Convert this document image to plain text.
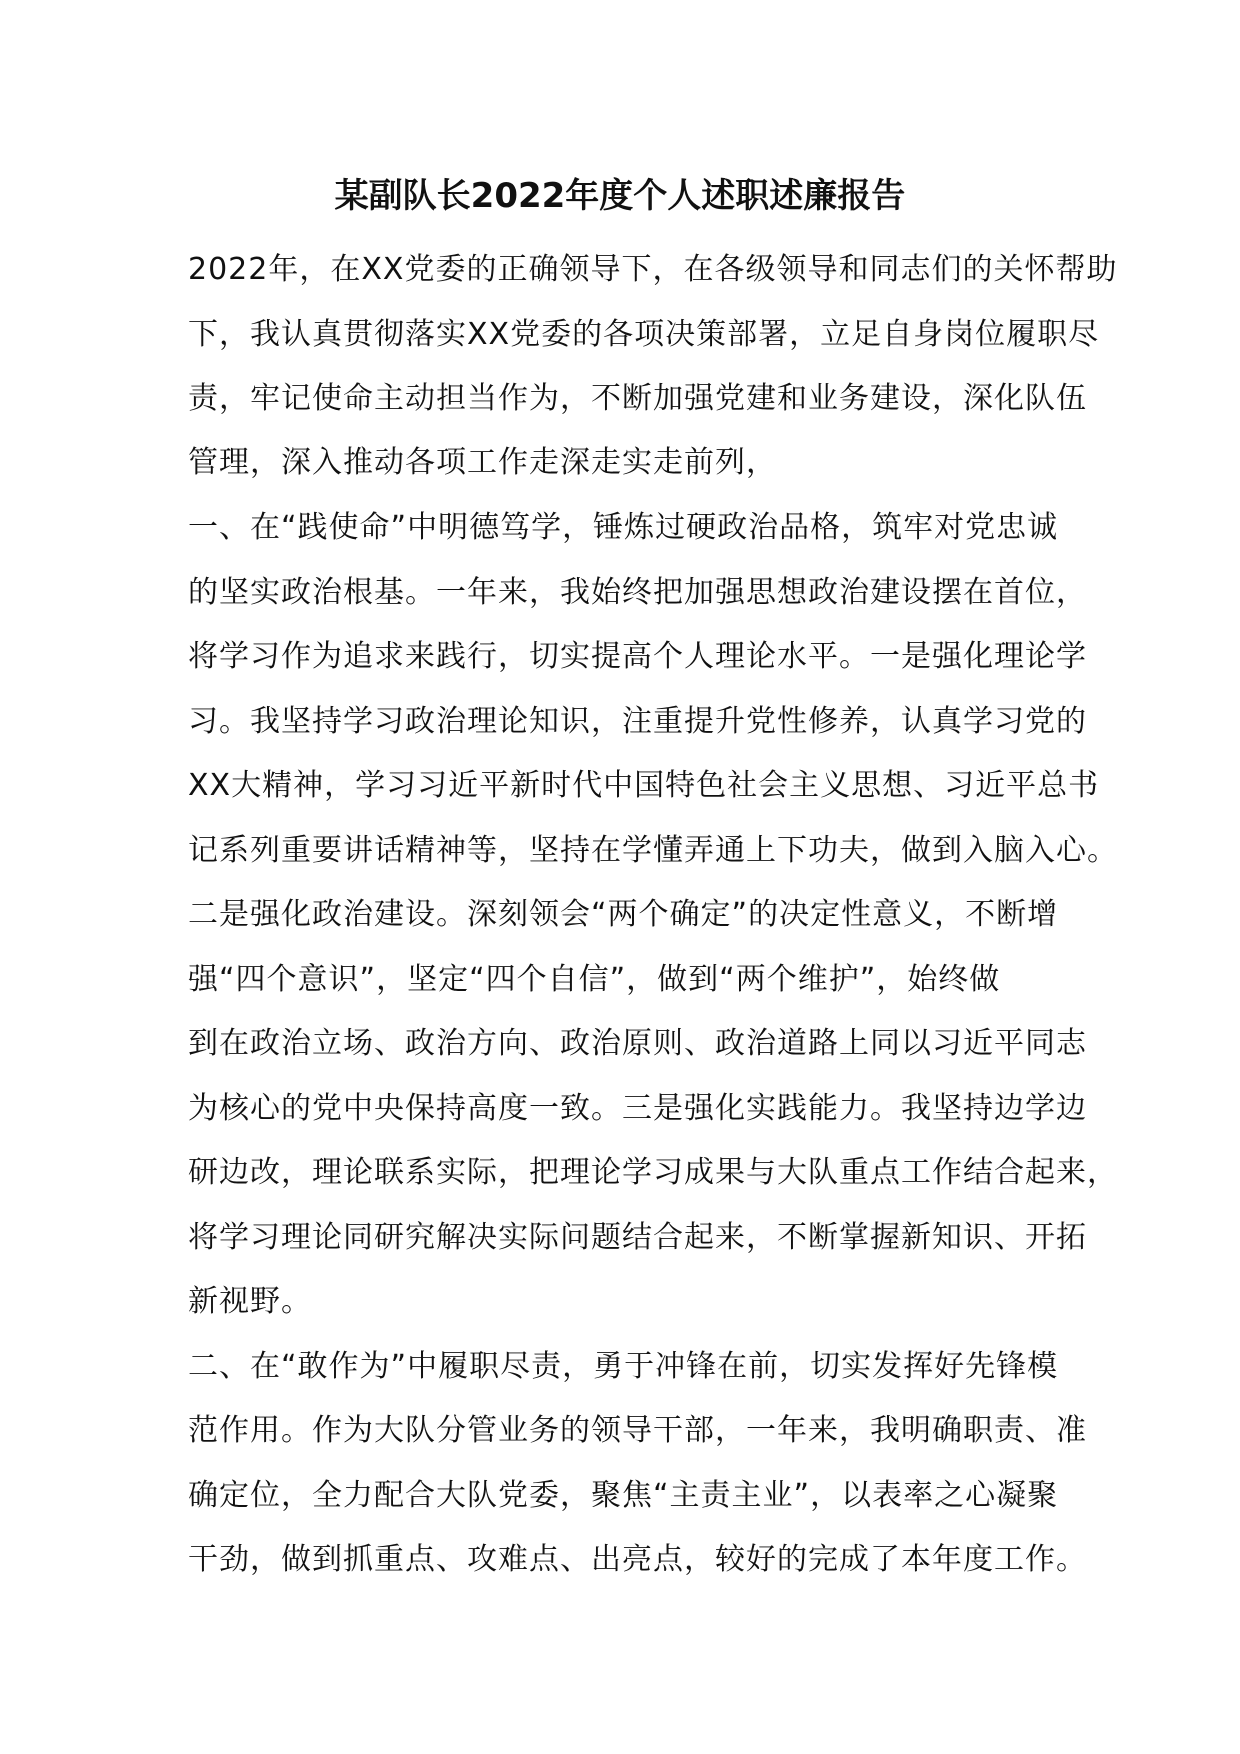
某副队长2022年度个人述职述廉报告

2022年，在XX党委的正确领导下，在各级领导和同志们的关怀帮助

下，我认真贯彻落实XX党委的各项决策部署，立足自身岗位履职尽

责，牢记使命主动担当作为，不断加强党建和业务建设，深化队伍

管理，深入推动各项工作走深走实走前列，

一、在“践使命”中明德笃学，锤炼过硬政治品格，筑牢对党忠诚

的坚实政治根基。一年来，我始终把加强思想政治建设摆在首位，

将学习作为追求来践行，切实提高个人理论水平。一是强化理论学

习。我坚持学习政治理论知识，注重提升党性修养，认真学习党的

XX大精神，学习习近平新时代中国特色社会主义思想、习近平总书

记系列重要讲话精神等，坚持在学懂弄通上下功夫，做到入脑入心。

二是强化政治建设。深刻领会“两个确定”的决定性意义，不断增

强“四个意识”，坚定“四个自信”，做到“两个维护”，始终做

到在政治立场、政治方向、政治原则、政治道路上同以习近平同志

为核心的党中央保持高度一致。三是强化实践能力。我坚持边学边

研边改，理论联系实际，把理论学习成果与大队重点工作结合起来，

将学习理论同研究解决实际问题结合起来，不断掌握新知识、开拓

新视野。

二、在“敢作为”中履职尽责，勇于冲锋在前，切实发挥好先锋模

范作用。作为大队分管业务的领导干部，一年来，我明确职责、准

确定位，全力配合大队党委，聚焦“主责主业”，以表率之心凝聚

干劲，做到抓重点、攻难点、出亮点，较好的完成了本年度工作。
